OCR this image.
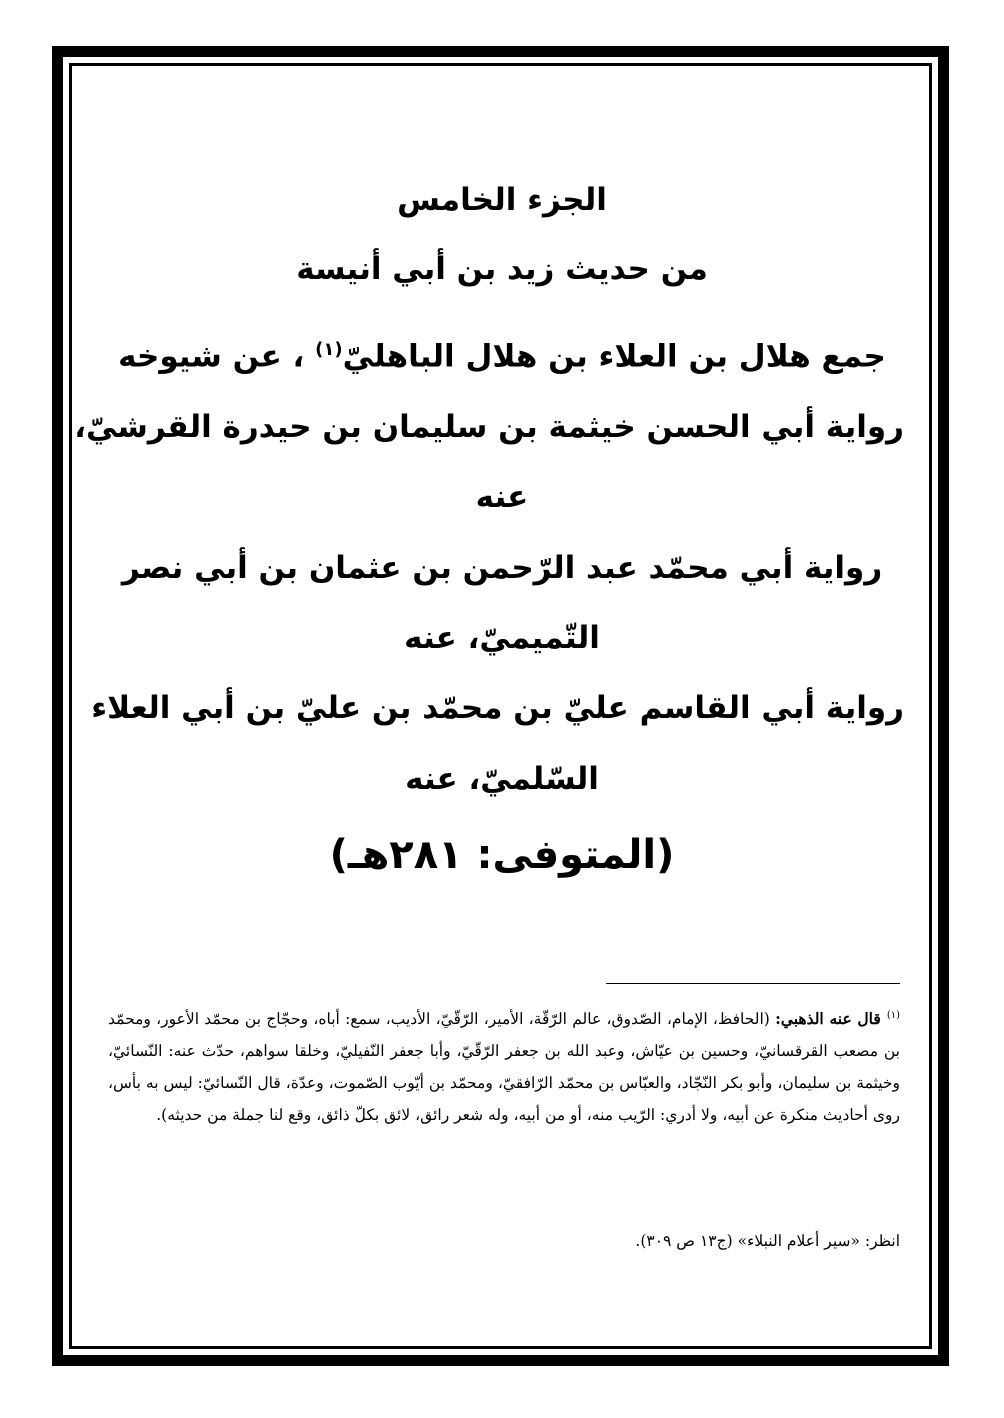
الجزء الخامس
من حديث زيد بن أبي أنيسة
جمع هلال بن العلاء بن هلال الباهليّ$^{(١)}$ ، عن شيوخه
رواية أبي الحسن خيثمة بن سليمان بن حيدرة القرشيّ،
عنه
رواية أبي محمّد عبد الرّحمن بن عثمان بن أبي نصر
التّميميّ، عنه
رواية أبي القاسم عليّ بن محمّد بن عليّ بن أبي العلاء
السّلميّ، عنه
(المتوفى: ٢٨١هـ)
$^{(١)}$قال عنه الذهبي: (الحافظ، الإمام، الصّدوق، عالم الرّقّة، الأمير، الرّقّيّ، الأديب، سمع: أباه، وحجّاج بن محمّد الأعور، ومحمّد بن مصعب القرقسانيّ، وحسين بن عيّاش، وعبد الله بن جعفر الرّقّيّ، وأبا جعفر النّفيليّ، وخلقا سواهم، حدّث عنه: النّسائيّ، وخيثمة بن سليمان، وأبو بكر النّجّاد، والعبّاس بن محمّد الرّافقيّ، ومحمّد بن أيّوب الصّموت، وعدّة، قال النّسائيّ: ليس به بأس، روى أحاديث منكرة عن أبيه، ولا أدري: الرّيب منه، أو من أبيه، وله شعر رائق، لائق بكلّ ذائق، وقع لنا جملة من حديثه).
انظر: «سير أعلام النبلاء» (ج١٣ ص ٣٠٩).
